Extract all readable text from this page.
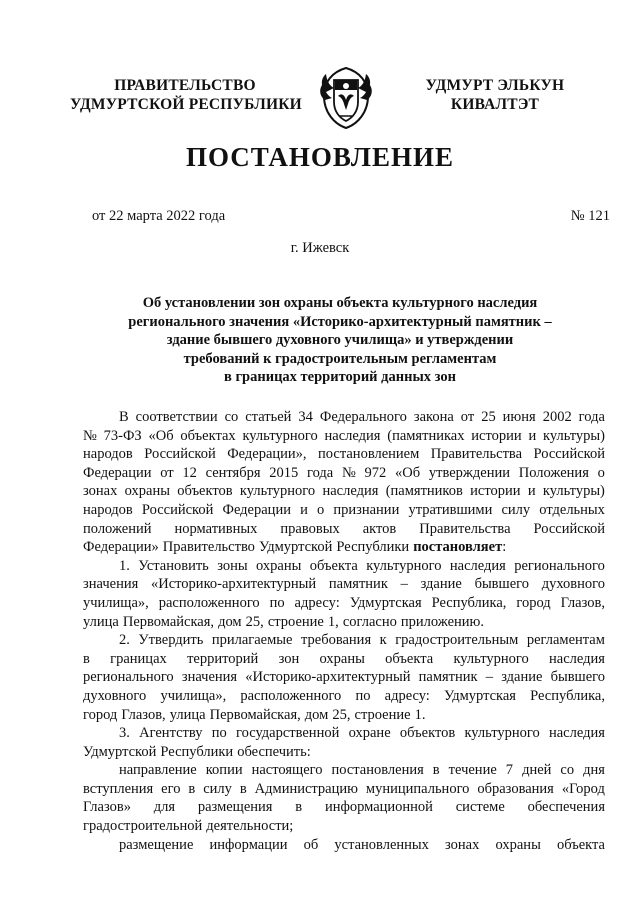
ПРАВИТЕЛЬСТВО
УДМУРТСКОЙ РЕСПУБЛИКИ
УДМУРТ ЭЛЬКУН
КИВАЛТЭТ
ПОСТАНОВЛЕНИЕ
от 22 марта 2022 года	№ 121
г. Ижевск
Об установлении зон охраны объекта культурного наследия
регионального значения «Историко-архитектурный памятник –
здание бывшего духовного училища» и утверждении
требований к градостроительным регламентам
в границах территорий данных зон
В соответствии со статьей 34 Федерального закона от 25 июня 2002 года
№ 73-ФЗ «Об объектах культурного наследия (памятниках истории и культуры)
народов Российской Федерации», постановлением Правительства Российской
Федерации от 12 сентября 2015 года № 972 «Об утверждении Положения о
зонах охраны объектов культурного наследия (памятников истории и культуры)
народов Российской Федерации и о признании утратившими силу отдельных
положений нормативных правовых актов Правительства Российской
Федерации» Правительство Удмуртской Республики постановляет :
1. Установить зоны охраны объекта культурного наследия регионального
значения «Историко-архитектурный памятник – здание бывшего духовного
училища», расположенного по адресу: Удмуртская Республика, город Глазов,
улица Первомайская, дом 25, строение 1, согласно приложению.
2. Утвердить прилагаемые требования к градостроительным регламентам
в границах территорий зон охраны объекта культурного наследия
регионального значения «Историко-архитектурный памятник – здание бывшего
духовного училища», расположенного по адресу: Удмуртская Республика,
город Глазов, улица Первомайская, дом 25, строение 1.
3. Агентству по государственной охране объектов культурного наследия
Удмуртской Республики обеспечить:
направление копии настоящего постановления в течение 7 дней со дня
вступления его в силу в Администрацию муниципального образования «Город
Глазов» для размещения в информационной системе обеспечения
градостроительной деятельности;
размещение информации об установленных зонах охраны объекта
